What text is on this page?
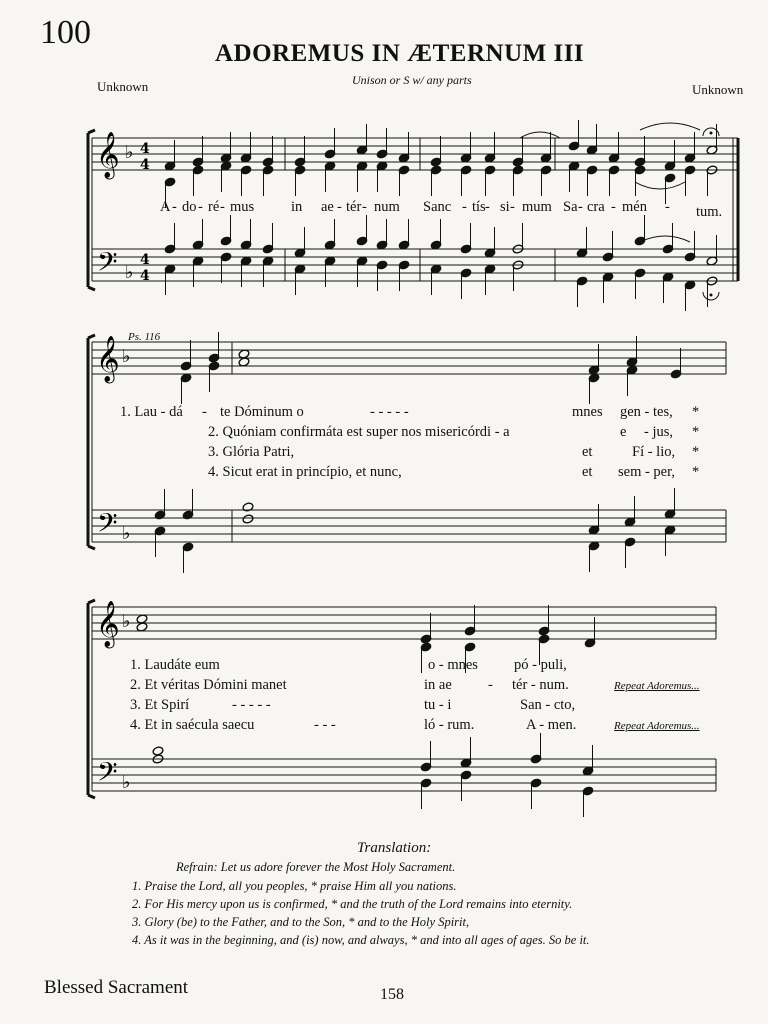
100
ADOREMUS IN ÆTERNUM III
Unison or S w/ any parts
Unknown	Unknown
𝄞
𝄢
♭
♭
4
4
4
4
A - do - ré - mus	in ae - tér - num Sanc - tís - si - mum Sa - cra - mén - tum.
Ps. 116
𝄞 ♭
𝄢 ♭
1. Lau - dá - te Dóminum o	- - - - -	mnes gen - tes, *
2. Quóniam confirmáta est super nos misericórdi - a	e - jus, *
3. Glória Patri,	et	Fí - lio, *
4. Sicut erat in princípio, et nunc,	et sem - per, *
𝄞 ♭
𝄢 ♭
1. Laudáte eum	o - mnes pó - puli,
2. Et véritas Dómini manet	in ae - tér - num.	Repeat Adoremus...
3. Et Spirí	- - - - -	tu - i	San - cto,
4. Et in saécula saecu	- - -	ló - rum.	A - men.	Repeat Adoremus...
Translation:
Refrain: Let us adore forever the Most Holy Sacrament.
1. Praise the Lord, all you peoples, * praise Him all you nations.
2. For His mercy upon us is confirmed, * and the truth of the Lord remains into eternity.
3. Glory (be) to the Father, and to the Son, * and to the Holy Spirit,
4. As it was in the beginning, and (is) now, and always, * and into all ages of ages. So be it.
Blessed Sacrament	158
